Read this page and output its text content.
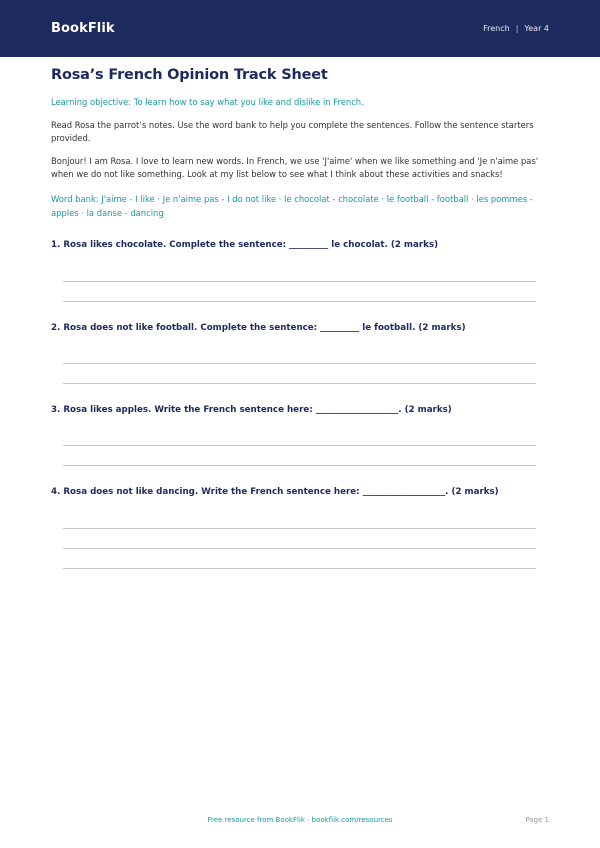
BookFlik	French | Year 4
Rosa’s French Opinion Track Sheet
Learning objective: To learn how to say what you like and dislike in French.
Read Rosa the parrot’s notes. Use the word bank to help you complete the sentences. Follow the sentence starters provided.
Bonjour! I am Rosa. I love to learn new words. In French, we use 'J'aime' when we like something and 'Je n'aime pas' when we do not like something. Look at my list below to see what I think about these activities and snacks!
Word bank: J'aime - I like · Je n'aime pas - I do not like · le chocolat - chocolate · le football - football · les pommes - apples · la danse - dancing
1. Rosa likes chocolate. Complete the sentence: _________ le chocolat. (2 marks)
2. Rosa does not like football. Complete the sentence: _________ le football. (2 marks)
3. Rosa likes apples. Write the French sentence here: ___________________. (2 marks)
4. Rosa does not like dancing. Write the French sentence here: ___________________. (2 marks)
Free resource from BookFlik · bookflik.com/resources	Page 1
